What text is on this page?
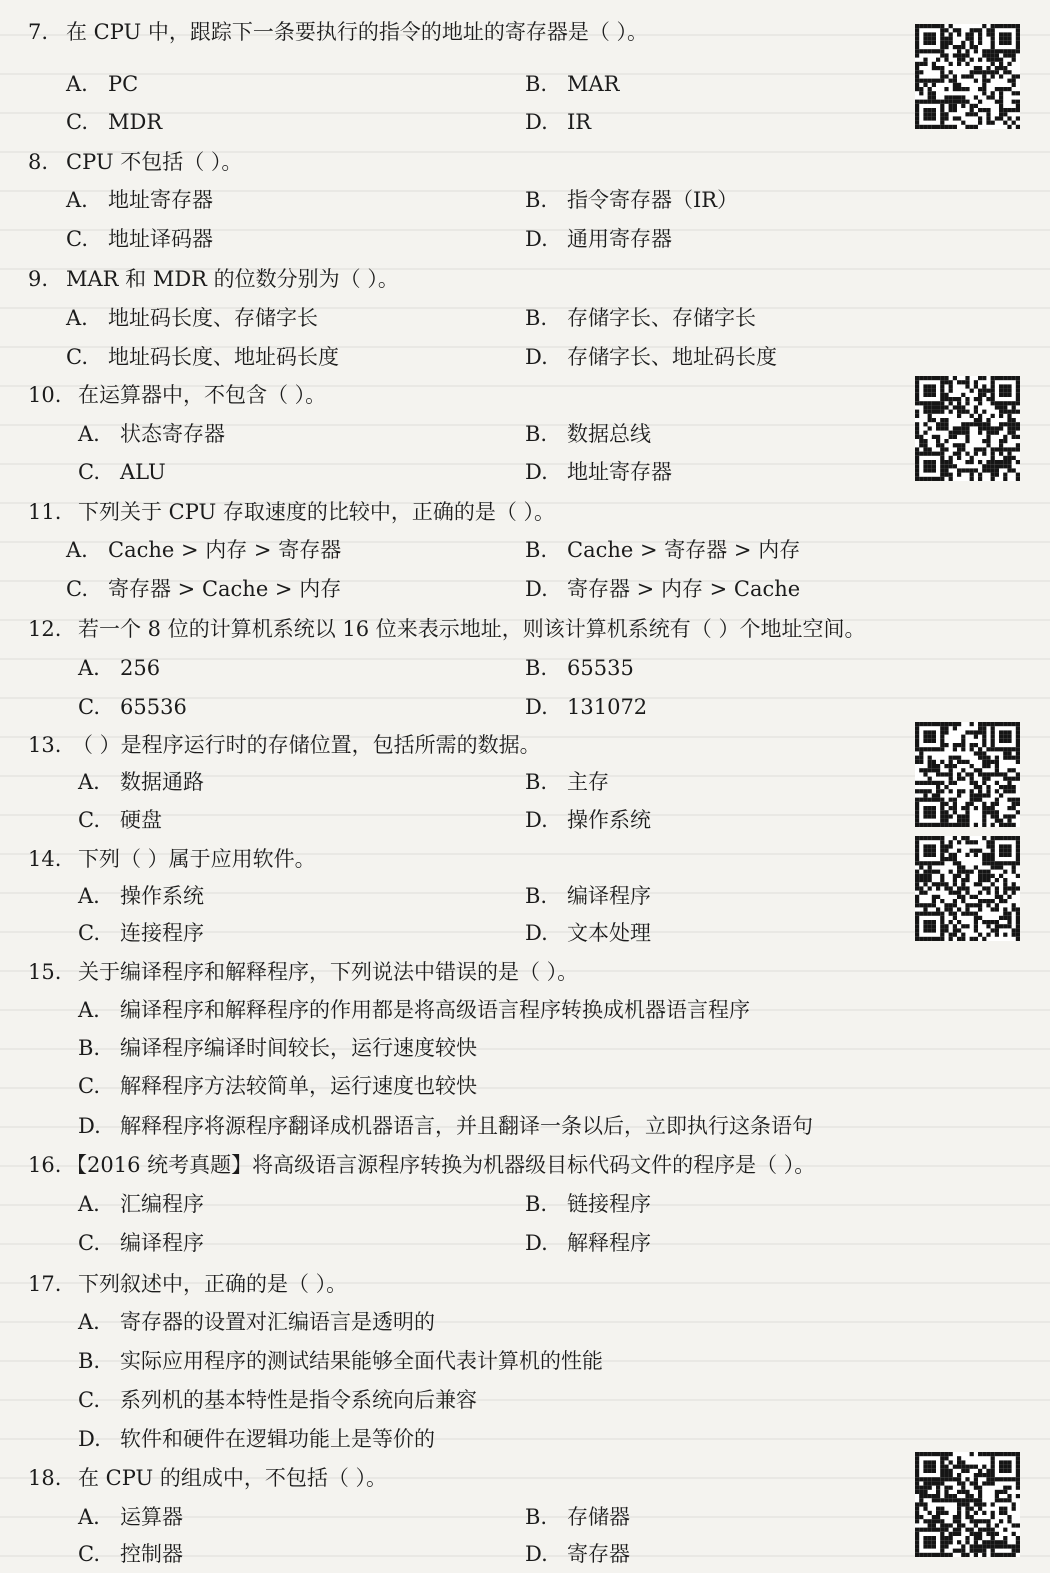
7. 在 CPU 中，跟踪下一条要执行的指令的地址的寄存器是（ ）。
A. PC	B. MAR
C. MDR	D. IR
8. CPU 不包括（ ）。
A. 地址寄存器	B. 指令寄存器（IR）
C. 地址译码器	D. 通用寄存器
9. MAR 和 MDR 的位数分别为（ ）。
A. 地址码长度、存储字长	B. 存储字长、存储字长
C. 地址码长度、地址码长度	D. 存储字长、地址码长度
10. 在运算器中，不包含（ ）。
A. 状态寄存器	B. 数据总线
C. ALU	D. 地址寄存器
11. 下列关于 CPU 存取速度的比较中，正确的是（ ）。
A. Cache > 内存 > 寄存器	B. Cache > 寄存器 > 内存
C. 寄存器 > Cache > 内存	D. 寄存器 > 内存 > Cache
12. 若一个 8 位的计算机系统以 16 位来表示地址，则该计算机系统有（ ）个地址空间。
A. 256	B. 65535
C. 65536	D. 131072
13. （ ）是程序运行时的存储位置，包括所需的数据。
A. 数据通路	B. 主存
C. 硬盘	D. 操作系统
14. 下列（ ）属于应用软件。
A. 操作系统	B. 编译程序
C. 连接程序	D. 文本处理
15. 关于编译程序和解释程序，下列说法中错误的是（ ）。
A. 编译程序和解释程序的作用都是将高级语言程序转换成机器语言程序
B. 编译程序编译时间较长，运行速度较快
C. 解释程序方法较简单，运行速度也较快
D. 解释程序将源程序翻译成机器语言，并且翻译一条以后，立即执行这条语句
16. 【2016 统考真题】将高级语言源程序转换为机器级目标代码文件的程序是（ ）。
A. 汇编程序	B. 链接程序
C. 编译程序	D. 解释程序
17. 下列叙述中，正确的是（ ）。
A. 寄存器的设置对汇编语言是透明的
B. 实际应用程序的测试结果能够全面代表计算机的性能
C. 系列机的基本特性是指令系统向后兼容
D. 软件和硬件在逻辑功能上是等价的
18. 在 CPU 的组成中，不包括（ ）。
A. 运算器	B. 存储器
C. 控制器	D. 寄存器
